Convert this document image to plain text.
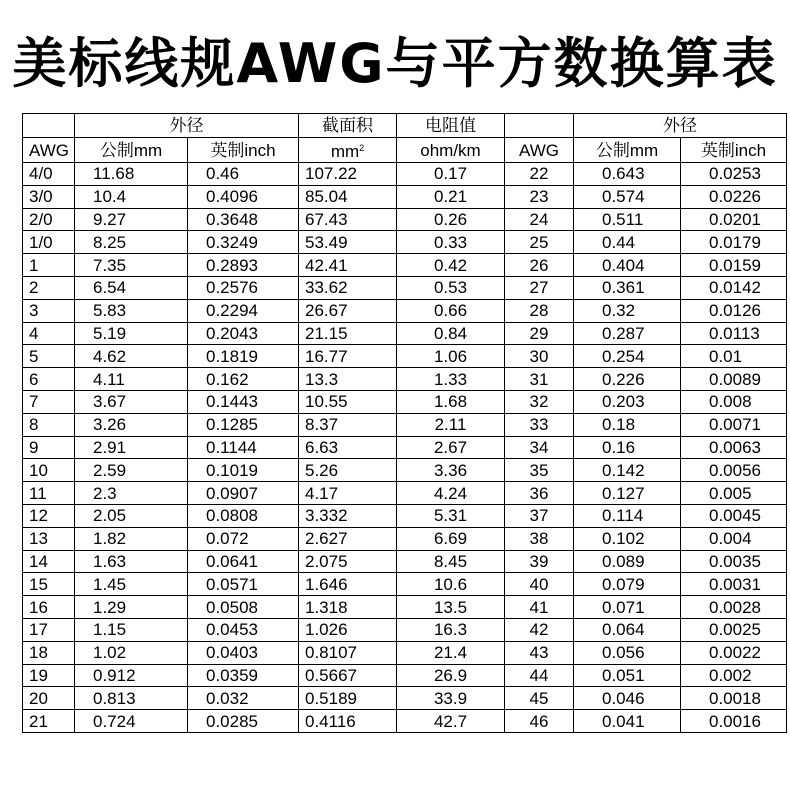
美标线规AWG与平方数换算表
	外径		截面积	电阻值		外径	
AWG	公制mm	英制inch	$mm^2$	ohm/km	AWG	公制mm	英制inch
4/0	11.68	0.46	107.22	0.17	22	0.643	0.0253
3/0	10.4	0.4096	85.04	0.21	23	0.574	0.0226
2/0	9.27	0.3648	67.43	0.26	24	0.511	0.0201
1/0	8.25	0.3249	53.49	0.33	25	0.44	0.0179
1	7.35	0.2893	42.41	0.42	26	0.404	0.0159
2	6.54	0.2576	33.62	0.53	27	0.361	0.0142
3	5.83	0.2294	26.67	0.66	28	0.32	0.0126
4	5.19	0.2043	21.15	0.84	29	0.287	0.0113
5	4.62	0.1819	16.77	1.06	30	0.254	0.01
6	4.11	0.162	13.3	1.33	31	0.226	0.0089
7	3.67	0.1443	10.55	1.68	32	0.203	0.008
8	3.26	0.1285	8.37	2.11	33	0.18	0.0071
9	2.91	0.1144	6.63	2.67	34	0.16	0.0063
10	2.59	0.1019	5.26	3.36	35	0.142	0.0056
11	2.3	0.0907	4.17	4.24	36	0.127	0.005
12	2.05	0.0808	3.332	5.31	37	0.114	0.0045
13	1.82	0.072	2.627	6.69	38	0.102	0.004
14	1.63	0.0641	2.075	8.45	39	0.089	0.0035
15	1.45	0.0571	1.646	10.6	40	0.079	0.0031
16	1.29	0.0508	1.318	13.5	41	0.071	0.0028
17	1.15	0.0453	1.026	16.3	42	0.064	0.0025
18	1.02	0.0403	0.8107	21.4	43	0.056	0.0022
19	0.912	0.0359	0.5667	26.9	44	0.051	0.002
20	0.813	0.032	0.5189	33.9	45	0.046	0.0018
21	0.724	0.0285	0.4116	42.7	46	0.041	0.0016
